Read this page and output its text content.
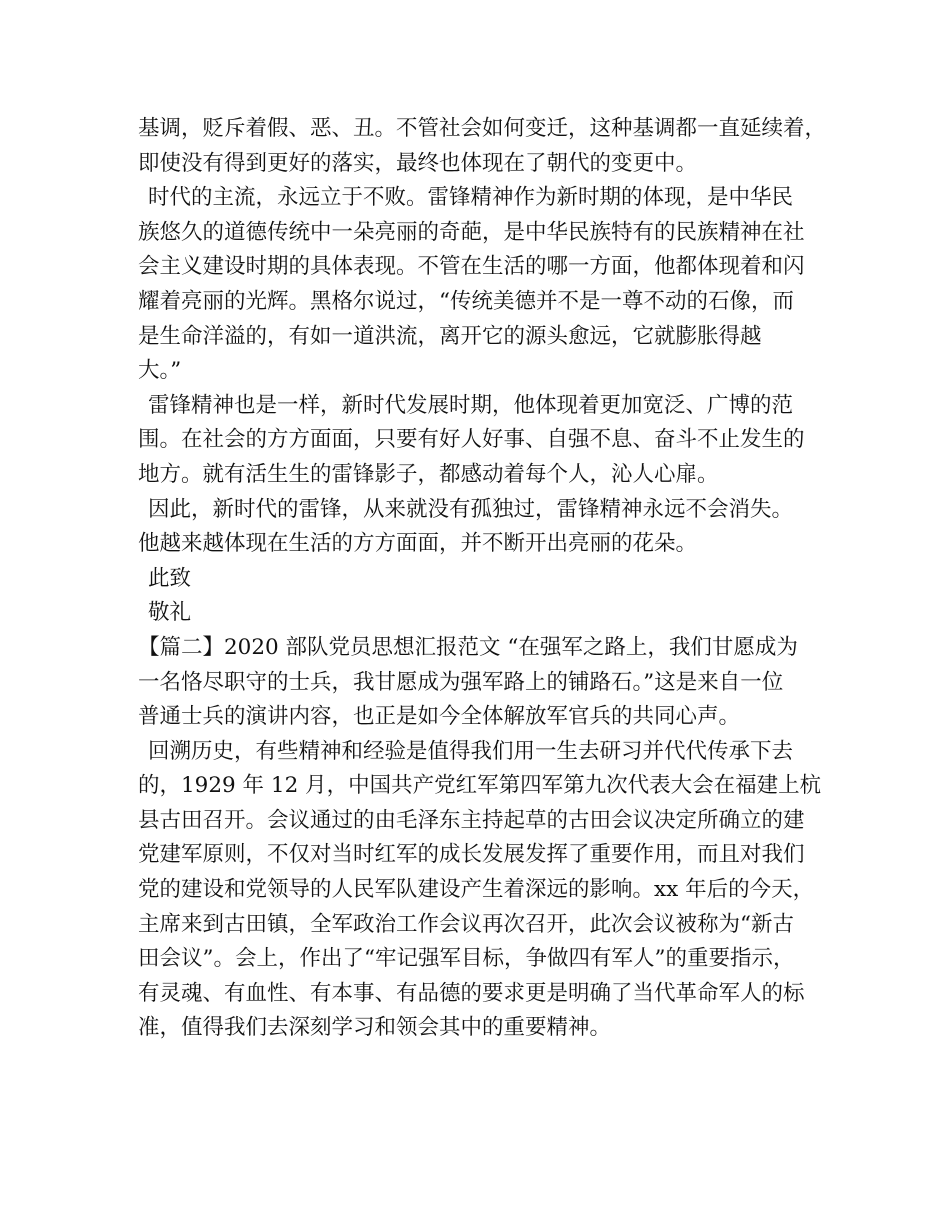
基调，贬斥着假、恶、丑。不管社会如何变迁，这种基调都一直延续着，
即使没有得到更好的落实，最终也体现在了朝代的变更中。
时代的主流，永远立于不败。雷锋精神作为新时期的体现，是中华民
族悠久的道德传统中一朵亮丽的奇葩，是中华民族特有的民族精神在社
会主义建设时期的具体表现。不管在生活的哪一方面，他都体现着和闪
耀着亮丽的光辉。黑格尔说过，“传统美德并不是一尊不动的石像，而
是生命洋溢的，有如一道洪流，离开它的源头愈远，它就膨胀得越
大。”
雷锋精神也是一样，新时代发展时期，他体现着更加宽泛、广博的范
围。在社会的方方面面，只要有好人好事、自强不息、奋斗不止发生的
地方。就有活生生的雷锋影子，都感动着每个人，沁人心扉。
因此，新时代的雷锋，从来就没有孤独过，雷锋精神永远不会消失。
他越来越体现在生活的方方面面，并不断开出亮丽的花朵。
此致
敬礼
【篇二】2020 部队党员思想汇报范文 “在强军之路上，我们甘愿成为
一名恪尽职守的士兵，我甘愿成为强军路上的铺路石。”这是来自一位
普通士兵的演讲内容，也正是如今全体解放军官兵的共同心声。
回溯历史，有些精神和经验是值得我们用一生去研习并代代传承下去
的，1929 年 12 月，中国共产党红军第四军第九次代表大会在福建上杭
县古田召开。会议通过的由毛泽东主持起草的古田会议决定所确立的建
党建军原则，不仅对当时红军的成长发展发挥了重要作用，而且对我们
党的建设和党领导的人民军队建设产生着深远的影响。xx 年后的今天，
主席来到古田镇，全军政治工作会议再次召开，此次会议被称为“新古
田会议”。会上，作出了“牢记强军目标，争做四有军人”的重要指示，
有灵魂、有血性、有本事、有品德的要求更是明确了当代革命军人的标
准，值得我们去深刻学习和领会其中的重要精神。
